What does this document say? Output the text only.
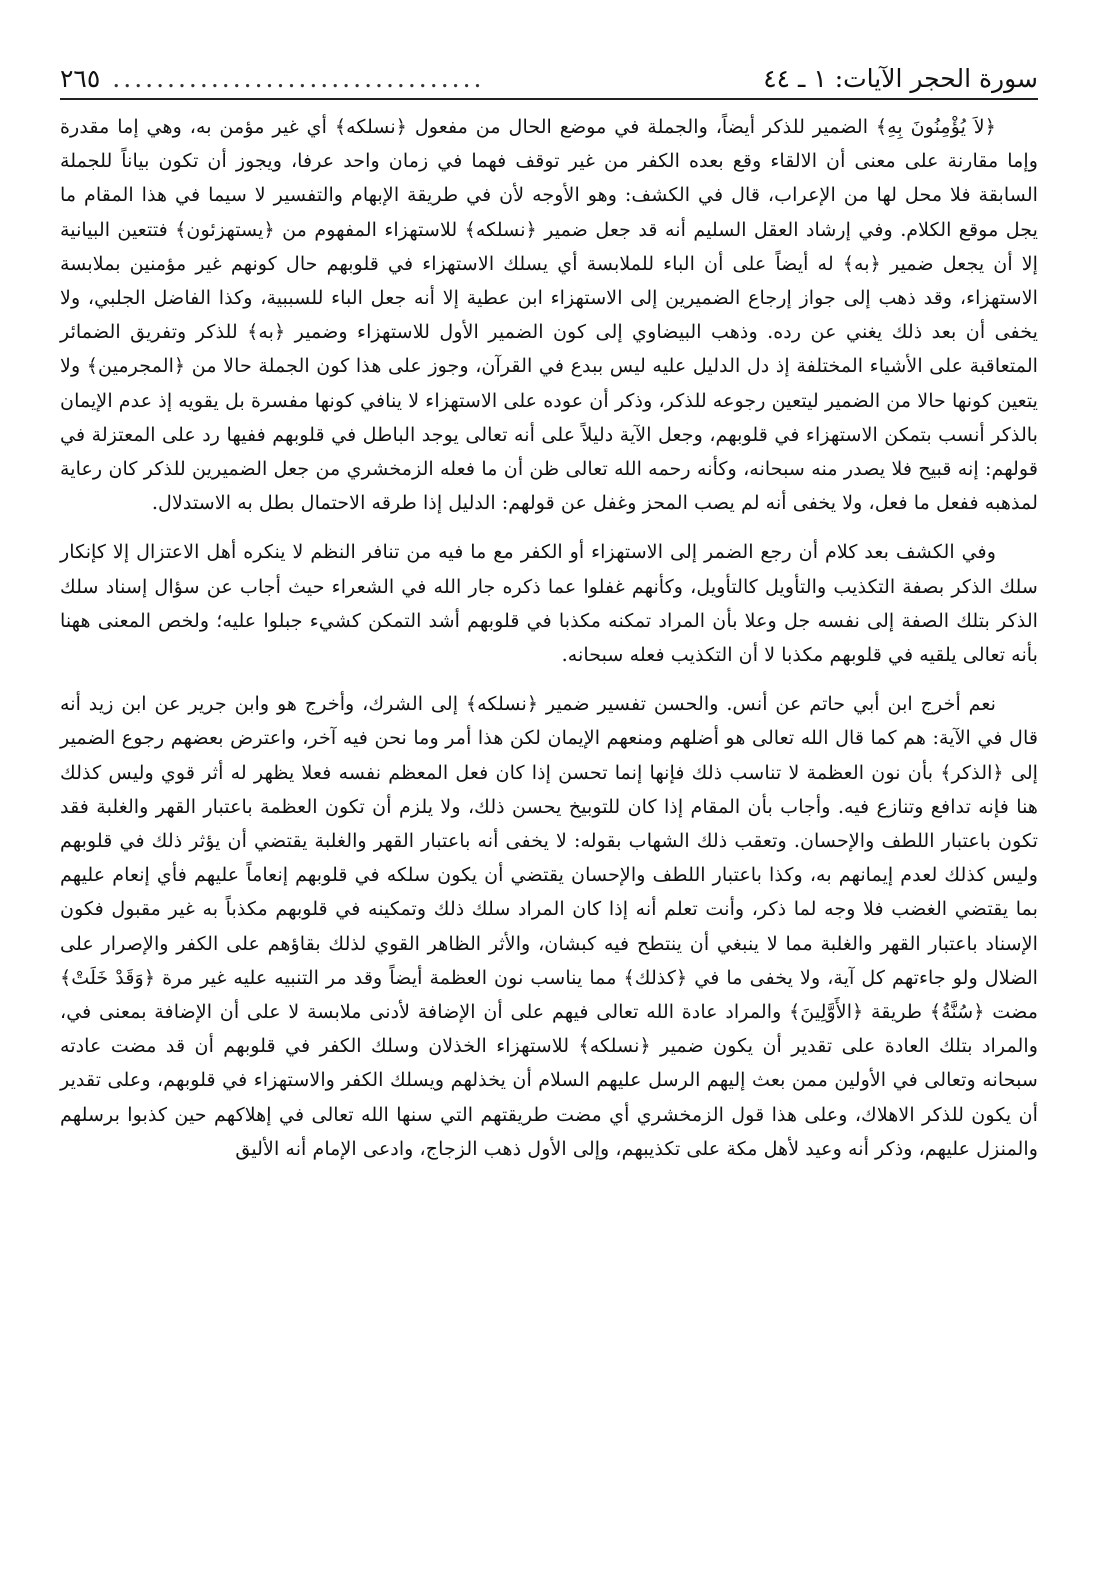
سورة الحجر الآيات: ١ ـ ٤٤
..................................
٢٦٥

﴿لاَ يُؤْمِنُونَ بِهِ﴾ الضمير للذكر أيضاً، والجملة في موضع الحال من مفعول ﴿نسلكه﴾ أي غير مؤمن به، وهي إما مقدرة وإما مقارنة على معنى أن الالقاء وقع بعده الكفر من غير توقف فهما في زمان واحد عرفا، ويجوز أن تكون بياناً للجملة السابقة فلا محل لها من الإعراب، قال في الكشف: وهو الأوجه لأن في طريقة الإبهام والتفسير لا سيما في هذا المقام ما يجل موقع الكلام. وفي إرشاد العقل السليم أنه قد جعل ضمير ﴿نسلكه﴾ للاستهزاء المفهوم من ﴿يستهزئون﴾ فتتعين البيانية إلا أن يجعل ضمير ﴿به﴾ له أيضاً على أن الباء للملابسة أي يسلك الاستهزاء في قلوبهم حال كونهم غير مؤمنين بملابسة الاستهزاء، وقد ذهب إلى جواز إرجاع الضميرين إلى الاستهزاء ابن عطية إلا أنه جعل الباء للسببية، وكذا الفاضل الجلبي، ولا يخفى أن بعد ذلك يغني عن رده. وذهب البيضاوي إلى كون الضمير الأول للاستهزاء وضمير ﴿به﴾ للذكر وتفريق الضمائر المتعاقبة على الأشياء المختلفة إذ دل الدليل عليه ليس ببدع في القرآن، وجوز على هذا كون الجملة حالا من ﴿المجرمين﴾ ولا يتعين كونها حالا من الضمير ليتعين رجوعه للذكر، وذكر أن عوده على الاستهزاء لا ينافي كونها مفسرة بل يقويه إذ عدم الإيمان بالذكر أنسب بتمكن الاستهزاء في قلوبهم، وجعل الآية دليلاً على أنه تعالى يوجد الباطل في قلوبهم ففيها رد على المعتزلة في قولهم: إنه قبيح فلا يصدر منه سبحانه، وكأنه رحمه الله تعالى ظن أن ما فعله الزمخشري من جعل الضميرين للذكر كان رعاية لمذهبه ففعل ما فعل، ولا يخفى أنه لم يصب المحز وغفل عن قولهم: الدليل إذا طرقه الاحتمال بطل به الاستدلال.

وفي الكشف بعد كلام أن رجع الضمر إلى الاستهزاء أو الكفر مع ما فيه من تنافر النظم لا ينكره أهل الاعتزال إلا كإنكار سلك الذكر بصفة التكذيب والتأويل كالتأويل، وكأنهم غفلوا عما ذكره جار الله في الشعراء حيث أجاب عن سؤال إسناد سلك الذكر بتلك الصفة إلى نفسه جل وعلا بأن المراد تمكنه مكذبا في قلوبهم أشد التمكن كشيء جبلوا عليه؛ ولخص المعنى ههنا بأنه تعالى يلقيه في قلوبهم مكذبا لا أن التكذيب فعله سبحانه.

نعم أخرج ابن أبي حاتم عن أنس. والحسن تفسير ضمير ﴿نسلكه﴾ إلى الشرك، وأخرج هو وابن جرير عن ابن زيد أنه قال في الآية: هم كما قال الله تعالى هو أضلهم ومنعهم الإيمان لكن هذا أمر وما نحن فيه آخر، واعترض بعضهم رجوع الضمير إلى ﴿الذكر﴾ بأن نون العظمة لا تناسب ذلك فإنها إنما تحسن إذا كان فعل المعظم نفسه فعلا يظهر له أثر قوي وليس كذلك هنا فإنه تدافع وتنازع فيه. وأجاب بأن المقام إذا كان للتوبيخ يحسن ذلك، ولا يلزم أن تكون العظمة باعتبار القهر والغلبة فقد تكون باعتبار اللطف والإحسان. وتعقب ذلك الشهاب بقوله: لا يخفى أنه باعتبار القهر والغلبة يقتضي أن يؤثر ذلك في قلوبهم وليس كذلك لعدم إيمانهم به، وكذا باعتبار اللطف والإحسان يقتضي أن يكون سلكه في قلوبهم إنعاماً عليهم فأي إنعام عليهم بما يقتضي الغضب فلا وجه لما ذكر، وأنت تعلم أنه إذا كان المراد سلك ذلك وتمكينه في قلوبهم مكذباً به غير مقبول فكون الإسناد باعتبار القهر والغلبة مما لا ينبغي أن ينتطح فيه كبشان، والأثر الظاهر القوي لذلك بقاؤهم على الكفر والإصرار على الضلال ولو جاءتهم كل آية، ولا يخفى ما في ﴿كذلك﴾ مما يناسب نون العظمة أيضاً وقد مر التنبيه عليه غير مرة ﴿وَقَدْ خَلَتْ﴾ مضت ﴿سُنَّةُ﴾ طريقة ﴿الأَوَّلِينَ﴾ والمراد عادة الله تعالى فيهم على أن الإضافة لأدنى ملابسة لا على أن الإضافة بمعنى في، والمراد بتلك العادة على تقدير أن يكون ضمير ﴿نسلكه﴾ للاستهزاء الخذلان وسلك الكفر في قلوبهم أن قد مضت عادته سبحانه وتعالى في الأولين ممن بعث إليهم الرسل عليهم السلام أن يخذلهم ويسلك الكفر والاستهزاء في قلوبهم، وعلى تقدير أن يكون للذكر الاهلاك، وعلى هذا قول الزمخشري أي مضت طريقتهم التي سنها الله تعالى في إهلاكهم حين كذبوا برسلهم والمنزل عليهم، وذكر أنه وعيد لأهل مكة على تكذيبهم، وإلى الأول ذهب الزجاج، وادعى الإمام أنه الأليق
